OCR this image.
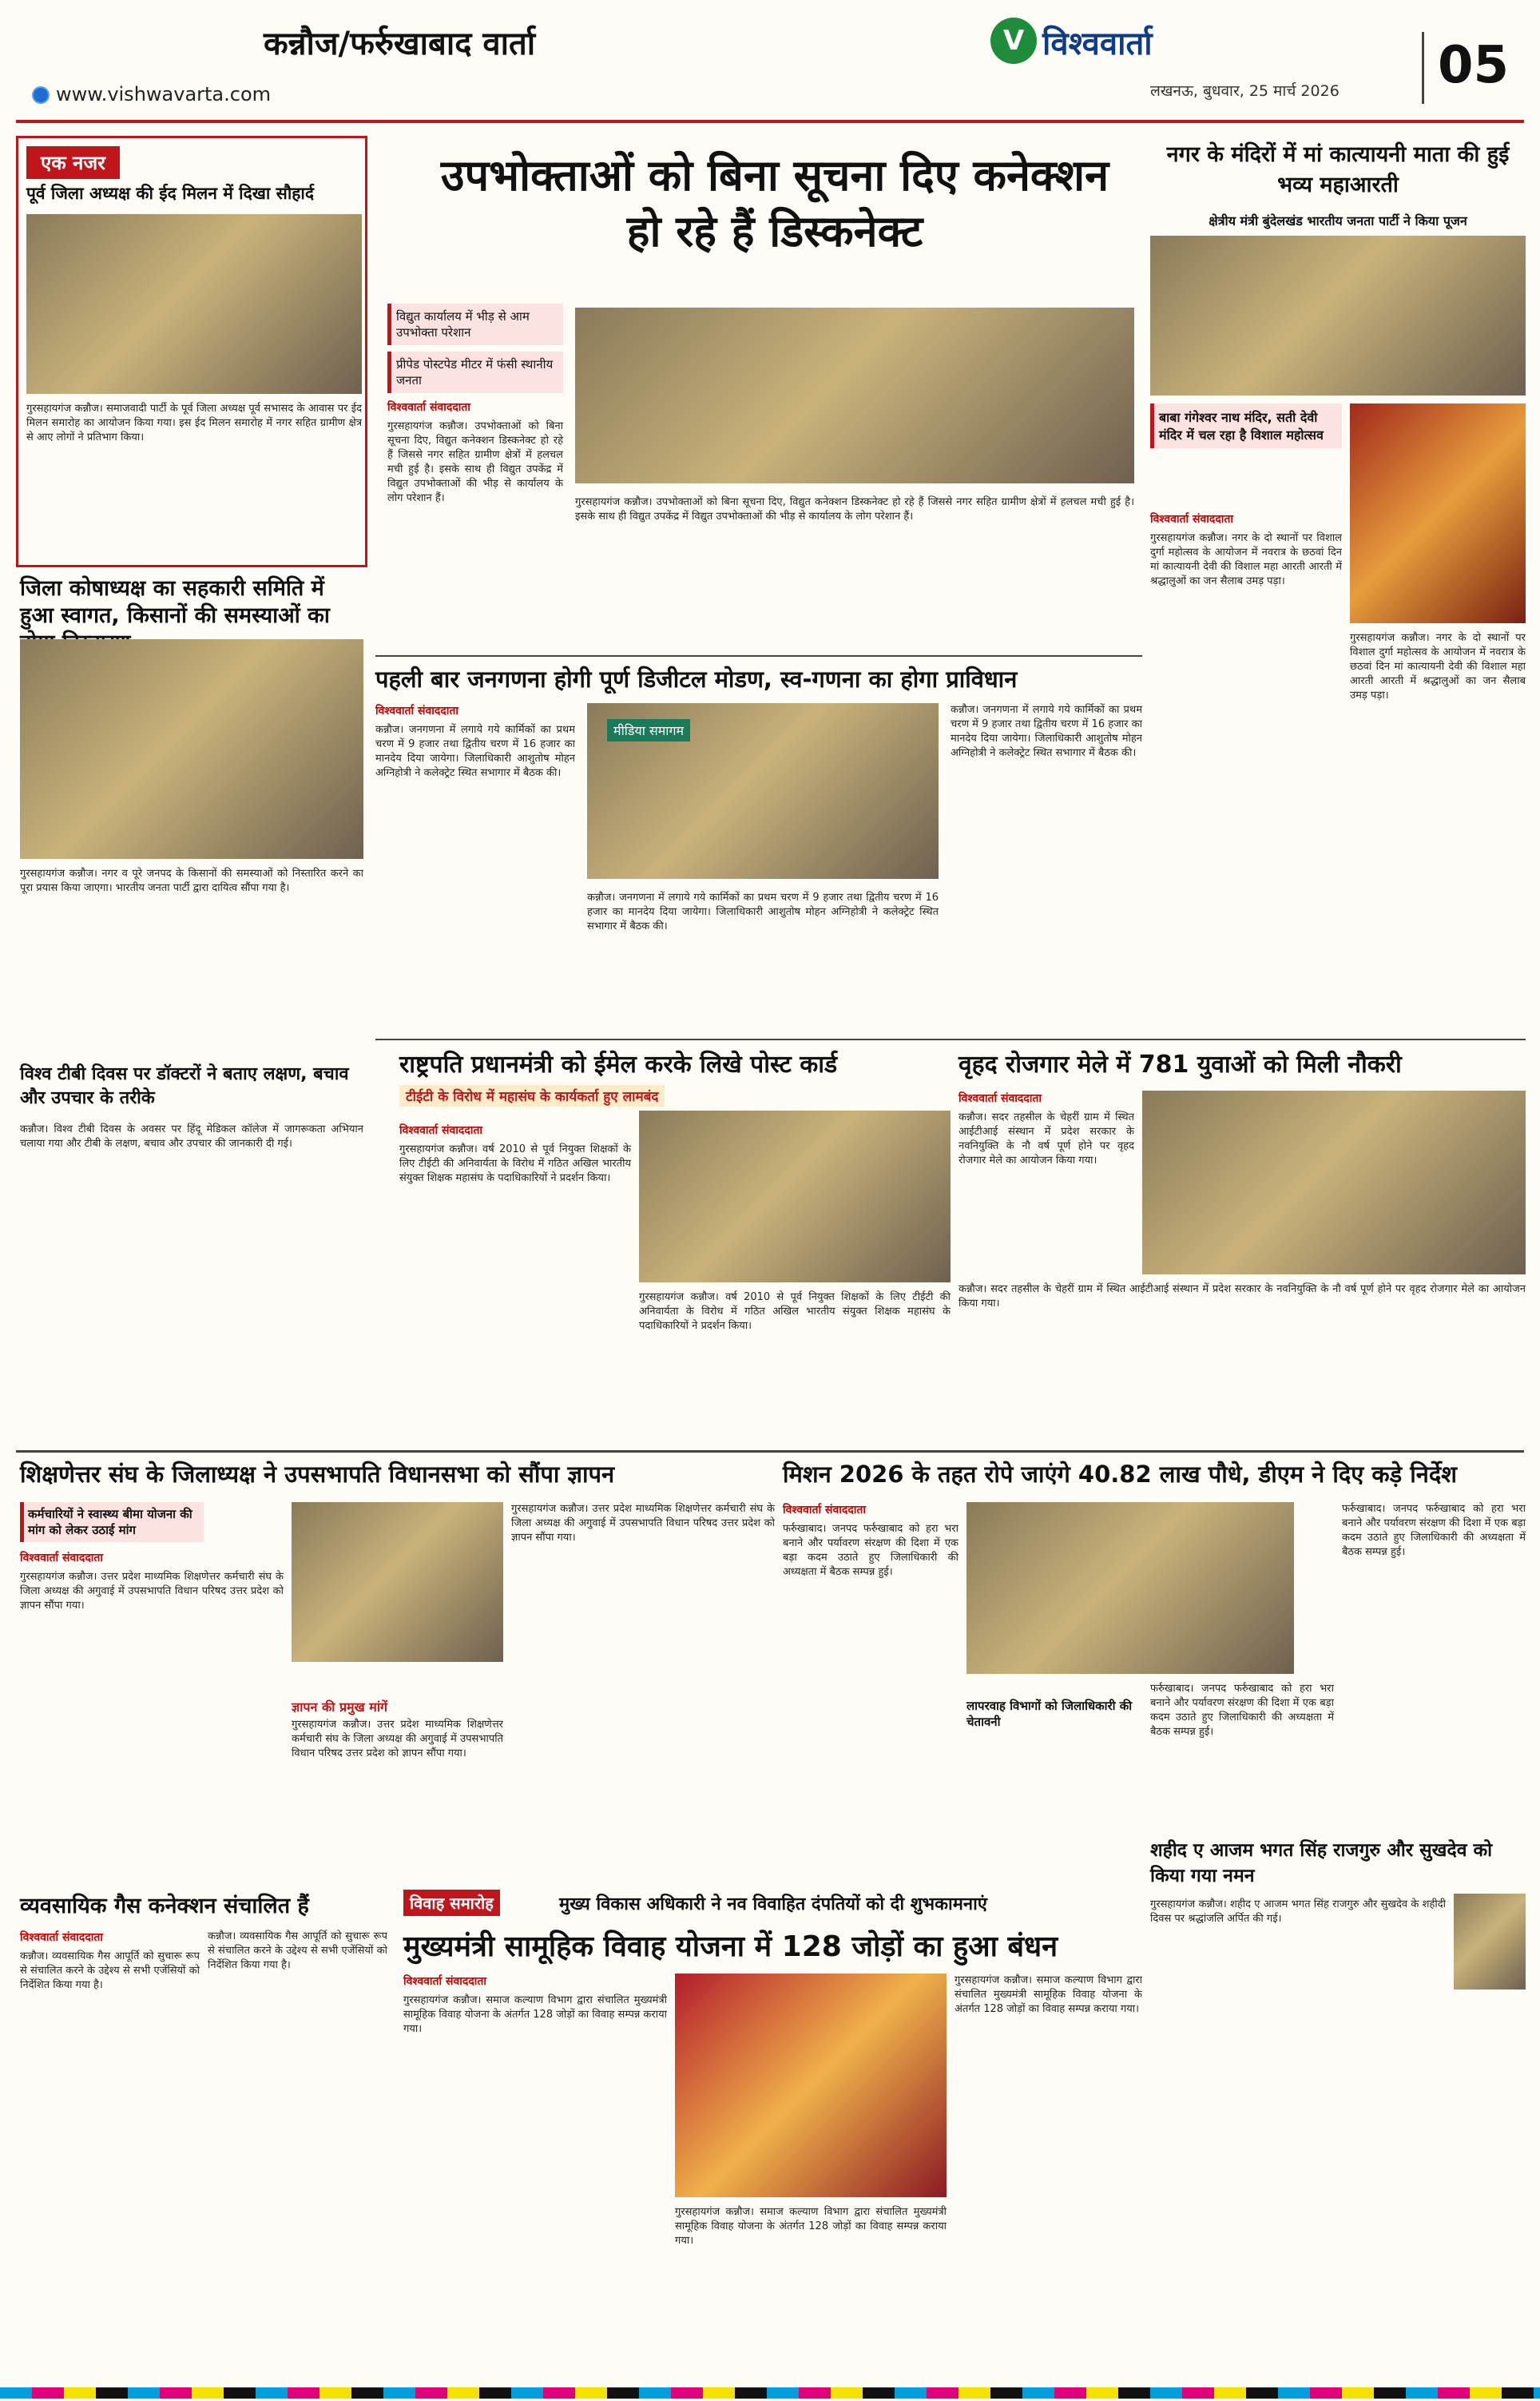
कन्नौज/फर्रुखाबाद वार्ता
www.vishwavarta.com
V विश्ववार्ता
लखनऊ, बुधवार, 25 मार्च 2026 05
एक नजर
पूर्व जिला अध्यक्ष की ईद मिलन में दिखा सौहार्द
गुरसहायगंज कन्नौज। समाजवादी पार्टी के पूर्व जिला अध्यक्ष पूर्व सभासद के आवास पर ईद मिलन समारोह का आयोजन किया गया। इस ईद मिलन समारोह में नगर सहित ग्रामीण क्षेत्र से आए लोगों ने प्रतिभाग किया।
जिला कोषाध्यक्ष का सहकारी समिति में हुआ स्वागत, किसानों की समस्याओं का
गुरसहायगंज कन्नौज। नगर व पूरे जनपद के किसानों की समस्याओं को निस्तारित करने का पूरा प्रयास किया जाएगा। भारतीय जनता पार्टी द्वारा दायित्व सौंपा गया है।
विश्व टीबी दिवस पर डॉक्टरों ने बताए लक्षण, बचाव और उपचार के तरीके
कन्नौज। विश्व टीबी दिवस के अवसर पर हिंदू मेडिकल कॉलेज में जागरूकता अभियान चलाया गया और टीबी के लक्षण, बचाव और उपचार की जानकारी दी गई।
उपभोक्ताओं को बिना सूचना दिए कनेक्शन हो रहे हैं डिस्कनेक्ट
विद्युत कार्यालय में भीड़ से आम उपभोक्ता परेशान
प्रीपेड पोस्टपेड मीटर में फंसी स्थानीय जनता
विश्ववार्ता संवाददाता
गुरसहायगंज कन्नौज। उपभोक्ताओं को बिना सूचना दिए, विद्युत कनेक्शन डिस्कनेक्ट हो रहे हैं जिससे नगर सहित ग्रामीण क्षेत्रों में हलचल मची हुई है। इसके साथ ही विद्युत उपकेंद्र में विद्युत उपभोक्ताओं की भीड़ से कार्यालय के लोग परेशान हैं।	गुरसहायगंज कन्नौज। उपभोक्ताओं को बिना सूचना दिए, विद्युत कनेक्शन डिस्कनेक्ट हो रहे हैं जिससे नगर सहित ग्रामीण क्षेत्रों में हलचल मची हुई है। इसके साथ ही विद्युत उपकेंद्र में विद्युत उपभोक्ताओं की भीड़ से कार्यालय के लोग परेशान हैं।
नगर के मंदिरों में मां कात्यायनी माता की हुई भव्य महाआरती
क्षेत्रीय मंत्री बुंदेलखंड भारतीय जनता पार्टी ने किया पूजन
बाबा गंगेश्वर नाथ मंदिर, सती देवी मंदिर में चल रहा है विशाल महोत्सव
विश्ववार्ता संवाददाता
गुरसहायगंज कन्नौज। नगर के दो स्थानों पर विशाल दुर्गा महोत्सव के आयोजन में नवरात्र के छठवां दिन मां कात्यायनी देवी की विशाल महा आरती आरती में श्रद्धालुओं का जन सैलाब उमड़ पड़ा।
गुरसहायगंज कन्नौज। नगर के दो स्थानों पर विशाल दुर्गा महोत्सव के आयोजन में नवरात्र के छठवां दिन मां कात्यायनी देवी की विशाल महा आरती आरती में श्रद्धालुओं का जन सैलाब उमड़ पड़ा।
पहली बार जनगणना होगी पूर्ण डिजीटल मोडण, स्व-गणना का होगा प्राविधान
विश्ववार्ता संवाददाता
कन्नौज। जनगणना में लगाये गये कार्मिकों का प्रथम चरण में 9 हजार तथा द्वितीय चरण में 16 हजार का मानदेय दिया जायेगा। जिलाधिकारी आशुतोष मोहन अग्निहोत्री ने कलेक्ट्रेट स्थित सभागार में बैठक की।
मीडिया समागम
कन्नौज। जनगणना में लगाये गये कार्मिकों का प्रथम चरण में 9 हजार तथा द्वितीय चरण में 16 हजार का मानदेय दिया जायेगा। जिलाधिकारी आशुतोष मोहन अग्निहोत्री ने कलेक्ट्रेट स्थित सभागार में बैठक की।
कन्नौज। जनगणना में लगाये गये कार्मिकों का प्रथम चरण में 9 हजार तथा द्वितीय चरण में 16 हजार का मानदेय दिया जायेगा। जिलाधिकारी आशुतोष मोहन अग्निहोत्री ने कलेक्ट्रेट स्थित सभागार में बैठक की।
राष्ट्रपति प्रधानमंत्री को ईमेल करके लिखे पोस्ट कार्ड
टीईटी के विरोध में महासंघ के कार्यकर्ता हुए लामबंद
विश्ववार्ता संवाददाता
गुरसहायगंज कन्नौज। वर्ष 2010 से पूर्व नियुक्त शिक्षकों के लिए टीईटी की अनिवार्यता के विरोध में गठित अखिल भारतीय संयुक्त शिक्षक महासंघ के पदाधिकारियों ने प्रदर्शन किया।
गुरसहायगंज कन्नौज। वर्ष 2010 से पूर्व नियुक्त शिक्षकों के लिए टीईटी की अनिवार्यता के विरोध में गठित अखिल भारतीय संयुक्त शिक्षक महासंघ के पदाधिकारियों ने प्रदर्शन किया।
वृहद रोजगार मेले में 781 युवाओं को मिली नौकरी
विश्ववार्ता संवाददाता
कन्नौज। सदर तहसील के चेहरीं ग्राम में स्थित आईटीआई संस्थान में प्रदेश सरकार के नवनियुक्ति के नौ वर्ष पूर्ण होने पर वृहद रोजगार मेले का आयोजन किया गया।
कन्नौज। सदर तहसील के चेहरीं ग्राम में स्थित आईटीआई संस्थान में प्रदेश सरकार के नवनियुक्ति के नौ वर्ष पूर्ण होने पर वृहद रोजगार मेले का आयोजन किया गया।
शिक्षणेत्तर संघ के जिलाध्यक्ष ने उपसभापति विधानसभा को सौंपा ज्ञापन
कर्मचारियों ने स्वास्थ्य बीमा योजना की मांग को लेकर उठाई मांग
विश्ववार्ता संवाददाता
गुरसहायगंज कन्नौज। उत्तर प्रदेश माध्यमिक शिक्षणेत्तर कर्मचारी संघ के जिला अध्यक्ष की अगुवाई में उपसभापति विधान परिषद उत्तर प्रदेश को ज्ञापन सौंपा गया।
ज्ञापन की प्रमुख मांगें
गुरसहायगंज कन्नौज। उत्तर प्रदेश माध्यमिक शिक्षणेत्तर कर्मचारी संघ के जिला अध्यक्ष की अगुवाई में उपसभापति विधान परिषद उत्तर प्रदेश को ज्ञापन सौंपा गया।
गुरसहायगंज कन्नौज। उत्तर प्रदेश माध्यमिक शिक्षणेत्तर कर्मचारी संघ के जिला अध्यक्ष की अगुवाई में उपसभापति विधान परिषद उत्तर प्रदेश को ज्ञापन सौंपा गया।
मिशन 2026 के तहत रोपे जाएंगे 40.82 लाख पौधे, डीएम ने दिए कड़े निर्देश
विश्ववार्ता संवाददाता
फर्रुखाबाद। जनपद फर्रुखाबाद को हरा भरा बनाने और पर्यावरण संरक्षण की दिशा में एक बड़ा कदम उठाते हुए जिलाधिकारी की अध्यक्षता में बैठक सम्पन्न हुई।
लापरवाह विभागों को जिलाधिकारी की चेतावनी
फर्रुखाबाद। जनपद फर्रुखाबाद को हरा भरा बनाने और पर्यावरण संरक्षण की दिशा में एक बड़ा कदम उठाते हुए जिलाधिकारी की अध्यक्षता में बैठक सम्पन्न हुई।
फर्रुखाबाद। जनपद फर्रुखाबाद को हरा भरा बनाने और पर्यावरण संरक्षण की दिशा में एक बड़ा कदम उठाते हुए जिलाधिकारी की अध्यक्षता में बैठक सम्पन्न हुई।
शहीद ए आजम भगत सिंह राजगुरु और सुखदेव को किया गया नमन
गुरसहायगंज कन्नौज। शहीद ए आजम भगत सिंह राजगुरु और सुखदेव के शहीदी दिवस पर श्रद्धांजलि अर्पित की गई।
व्यवसायिक गैस कनेक्शन संचालित हैं
विश्ववार्ता संवाददाता
कन्नौज। व्यवसायिक गैस आपूर्ति को सुचारू रूप से संचालित करने के उद्देश्य से सभी एजेंसियों को निर्देशित किया गया है।
कन्नौज। व्यवसायिक गैस आपूर्ति को सुचारू रूप से संचालित करने के उद्देश्य से सभी एजेंसियों को निर्देशित किया गया है।
विवाह समारोह	मुख्य विकास अधिकारी ने नव विवाहित दंपतियों को दी शुभकामनाएं
मुख्यमंत्री सामूहिक विवाह योजना में 128 जोड़ों का हुआ बंधन
विश्ववार्ता संवाददाता
गुरसहायगंज कन्नौज। समाज कल्याण विभाग द्वारा संचालित मुख्यमंत्री सामूहिक विवाह योजना के अंतर्गत 128 जोड़ों का विवाह सम्पन्न कराया गया।
गुरसहायगंज कन्नौज। समाज कल्याण विभाग द्वारा संचालित मुख्यमंत्री सामूहिक विवाह योजना के अंतर्गत 128 जोड़ों का विवाह सम्पन्न कराया गया।
गुरसहायगंज कन्नौज। समाज कल्याण विभाग द्वारा संचालित मुख्यमंत्री सामूहिक विवाह योजना के अंतर्गत 128 जोड़ों का विवाह सम्पन्न कराया गया।
